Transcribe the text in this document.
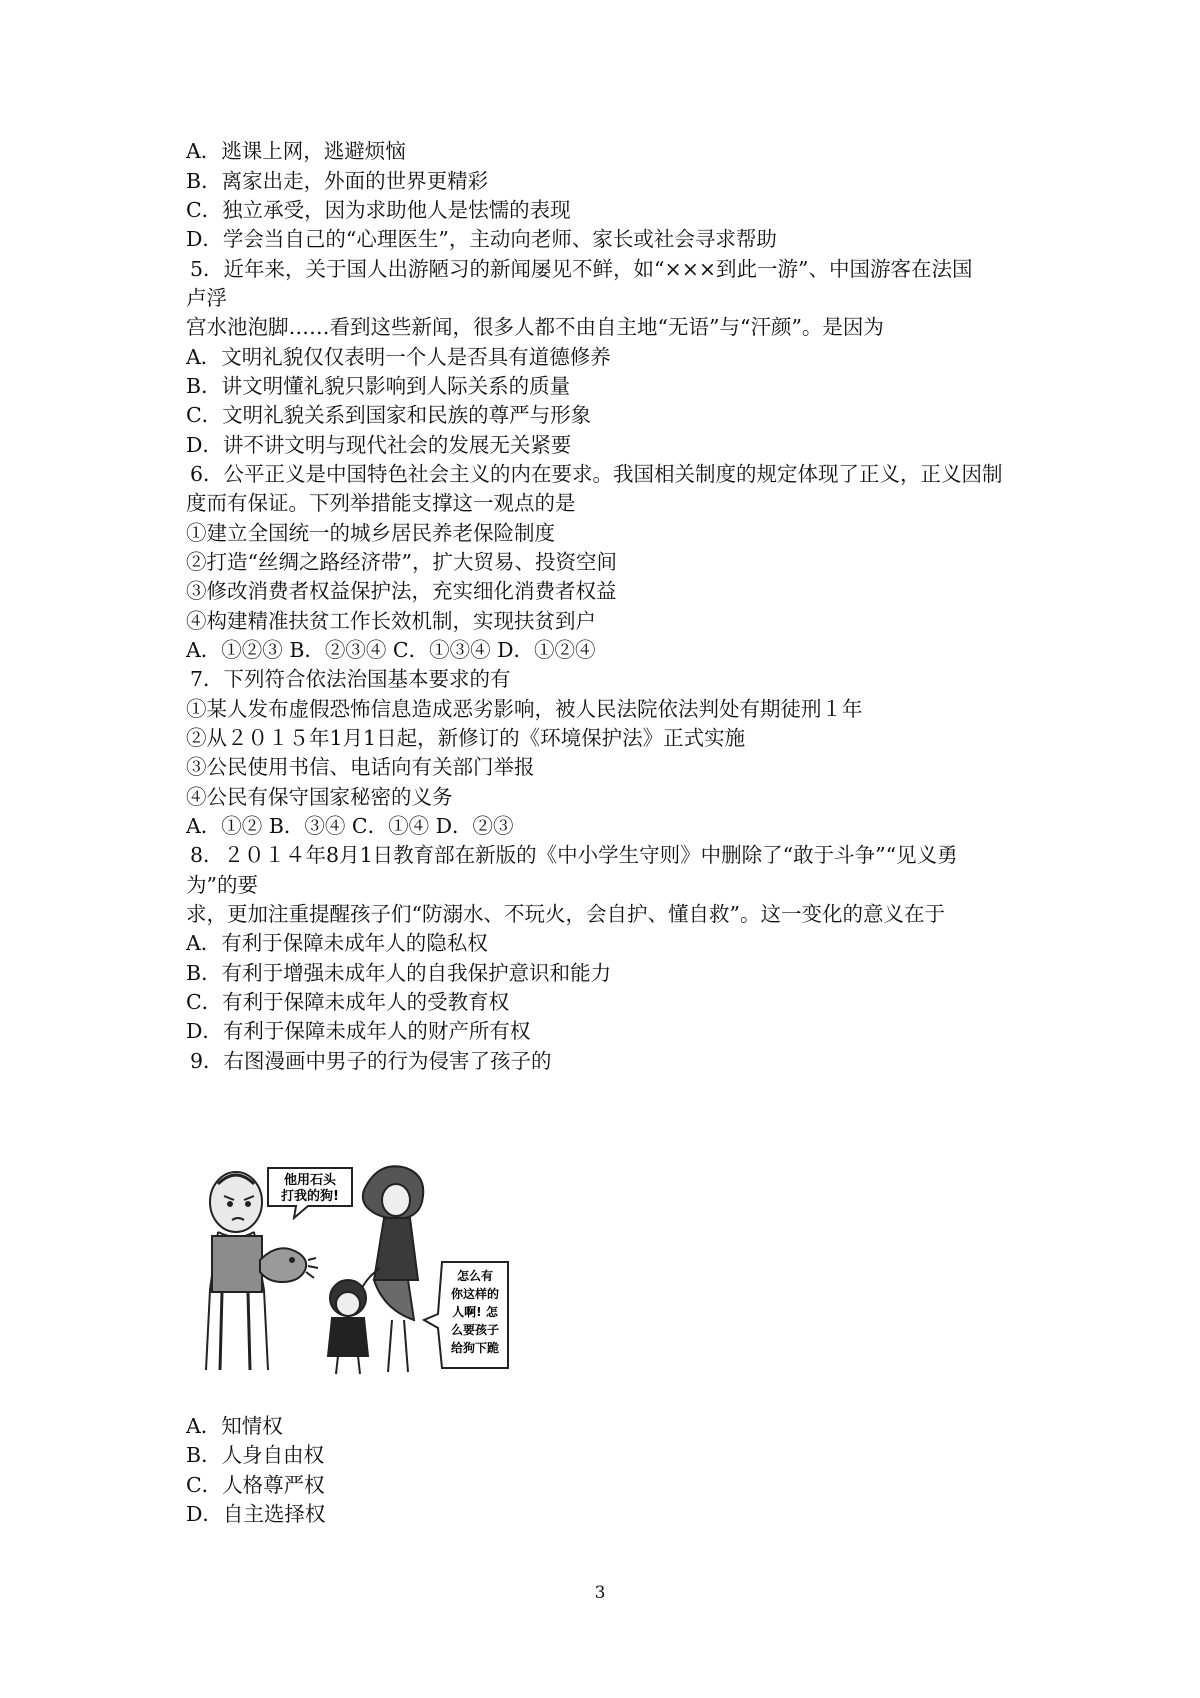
A．逃课上网，逃避烦恼
B．离家出走，外面的世界更精彩
C．独立承受，因为求助他人是怯懦的表现
D．学会当自己的“心理医生”，主动向老师、家长或社会寻求帮助
5．近年来，关于国人出游陋习的新闻屡见不鲜，如“×××到此一游”、中国游客在法国
卢浮
宫水池泡脚……看到这些新闻，很多人都不由自主地“无语”与“汗颜”。是因为
A．文明礼貌仅仅表明一个人是否具有道德修养
B．讲文明懂礼貌只影响到人际关系的质量
C．文明礼貌关系到国家和民族的尊严与形象
D．讲不讲文明与现代社会的发展无关紧要
6．公平正义是中国特色社会主义的内在要求。我国相关制度的规定体现了正义，正义因制
度而有保证。下列举措能支撑这一观点的是
①建立全国统一的城乡居民养老保险制度
②打造“丝绸之路经济带”，扩大贸易、投资空间
③修改消费者权益保护法，充实细化消费者权益
④构建精准扶贫工作长效机制，实现扶贫到户
A．①②③ B．②③④ C．①③④ D．①②④
7．下列符合依法治国基本要求的有
①某人发布虚假恐怖信息造成恶劣影响，被人民法院依法判处有期徒刑１年
②从２０１５年1月1日起，新修订的《环境保护法》正式实施
③公民使用书信、电话向有关部门举报
④公民有保守国家秘密的义务
A．①② B．③④ C．①④ D．②③
8．２０１４年8月1日教育部在新版的《中小学生守则》中删除了“敢于斗争”“见义勇
为”的要
求，更加注重提醒孩子们“防溺水、不玩火，会自护、懂自救”。这一变化的意义在于
A．有利于保障未成年人的隐私权
B．有利于增强未成年人的自我保护意识和能力
C．有利于保障未成年人的受教育权
D．有利于保障未成年人的财产所有权
9．右图漫画中男子的行为侵害了孩子的
他用石头
打我的狗!
怎么有
你这样的
人啊! 怎
么要孩子
给狗下跪
A．知情权
B．人身自由权
C．人格尊严权
D．自主选择权
3
